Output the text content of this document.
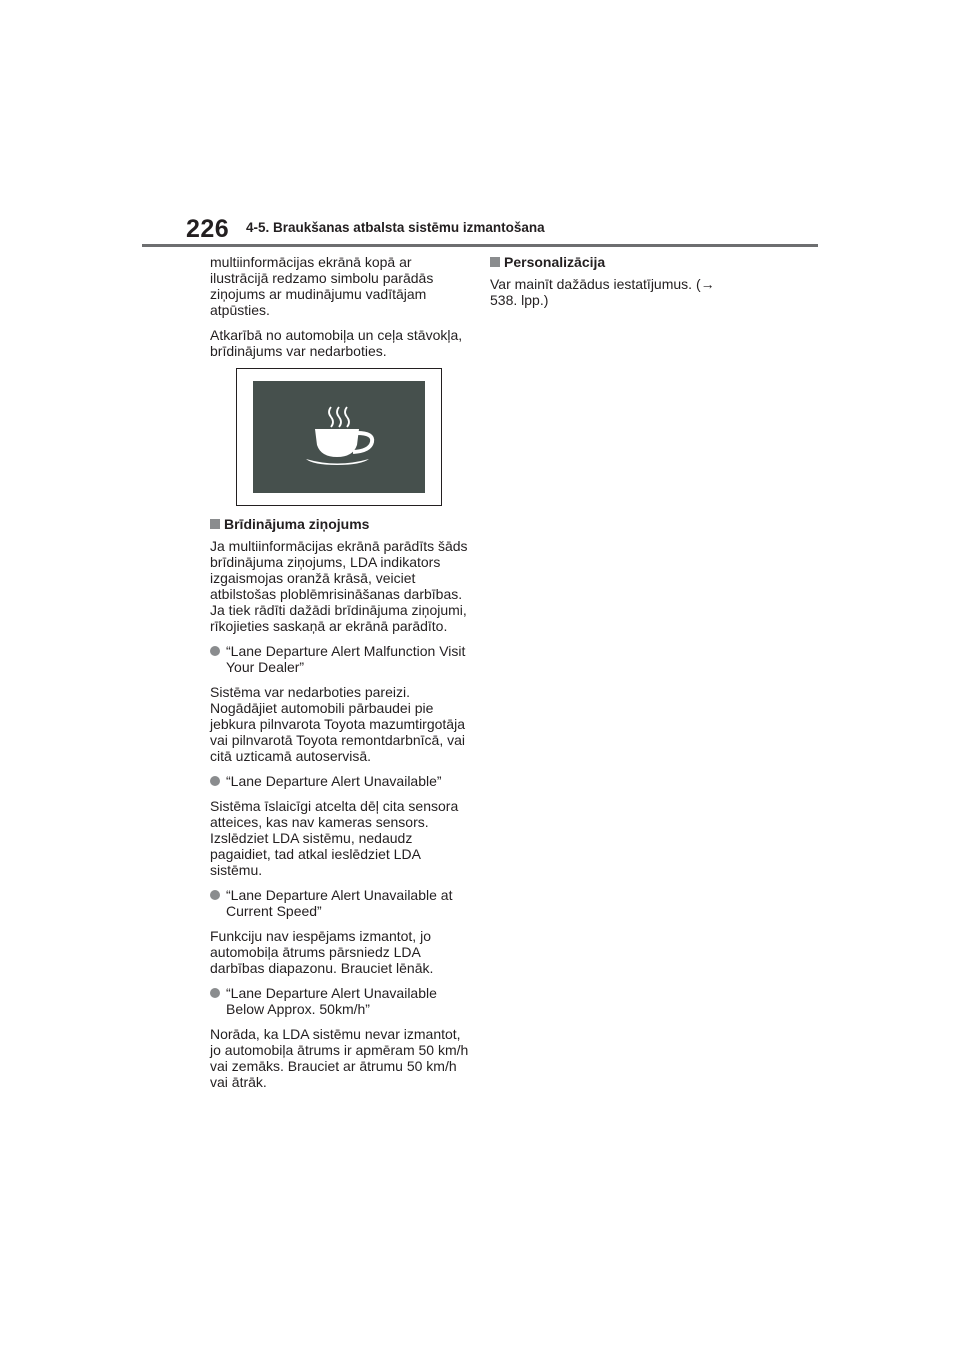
226 4-5. Braukšanas atbalsta sistēmu izmantošana

multiinformācijas ekrānā kopā ar ilustrācijā redzamo simbolu parādās ziņojums ar mudinājumu vadītājam atpūsties.

Atkarībā no automobiļa un ceļa stāvokļa, brīdinājums var nedarboties.

Brīdinājuma ziņojums

Ja multiinformācijas ekrānā parādīts šāds brīdinājuma ziņojums, LDA indikators izgaismojas oranžā krāsā, veiciet atbilstošas ploblēmrisināšanas darbības. Ja tiek rādīti dažādi brīdinājuma ziņojumi, rīkojieties saskaņā ar ekrānā parādīto.

“Lane Departure Alert Malfunction Visit Your Dealer”

Sistēma var nedarboties pareizi. Nogādājiet automobili pārbaudei pie jebkura pilnvarota Toyota mazumtirgotāja vai pilnvarotā Toyota remontdarbnīcā, vai citā uzticamā autoservisā.

“Lane Departure Alert Unavailable”

Sistēma īslaicīgi atcelta dēļ cita sensora atteices, kas nav kameras sensors. Izslēdziet LDA sistēmu, nedaudz pagaidiet, tad atkal ieslēdziet LDA sistēmu.

“Lane Departure Alert Unavailable at Current Speed”

Funkciju nav iespējams izmantot, jo automobiļa ātrums pārsniedz LDA darbības diapazonu. Brauciet lēnāk.

“Lane Departure Alert Unavailable Below Approx. 50km/h”

Norāda, ka LDA sistēmu nevar izmantot, jo automobiļa ātrums ir apmēram 50 km/h vai zemāks. Brauciet ar ātrumu 50 km/h vai ātrāk.

Personalizācija

Var mainīt dažādus iestatījumus. (→ 538. lpp.)
